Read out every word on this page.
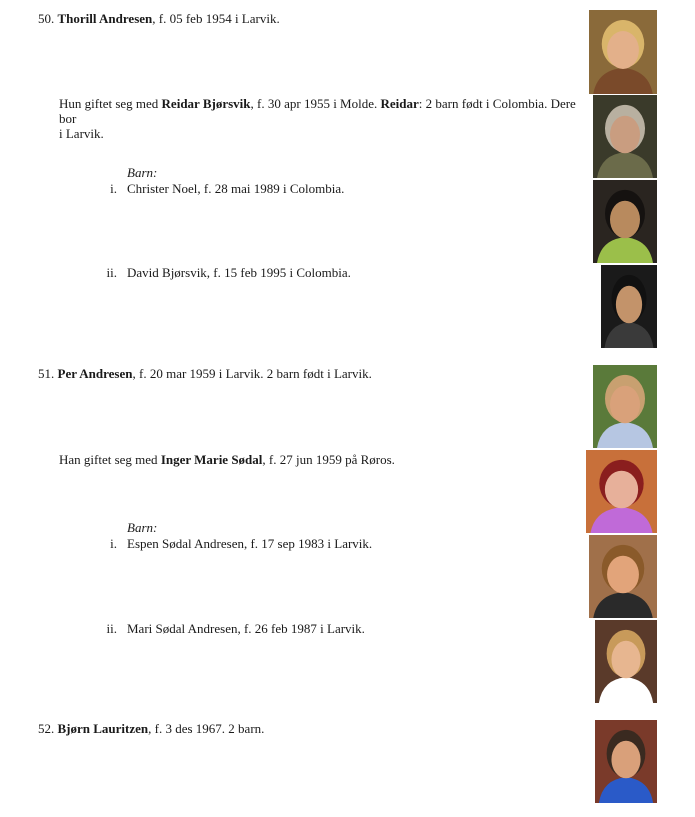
50. Thorill Andresen, f. 05 feb 1954 i Larvik.
Hun giftet seg med Reidar Bjørsvik, f. 30 apr 1955 i Molde. Reidar: 2 barn født i Colombia. Dere bor
i Larvik.
Barn:
i. Christer Noel, f. 28 mai 1989 i Colombia.
ii. David Bjørsvik, f. 15 feb 1995 i Colombia.
51. Per Andresen, f. 20 mar 1959 i Larvik. 2 barn født i Larvik.
Han giftet seg med Inger Marie Sødal, f. 27 jun 1959 på Røros.
Barn:
i. Espen Sødal Andresen, f. 17 sep 1983 i Larvik.
ii. Mari Sødal Andresen, f. 26 feb 1987 i Larvik.
52. Bjørn Lauritzen, f. 3 des 1967. 2 barn.
